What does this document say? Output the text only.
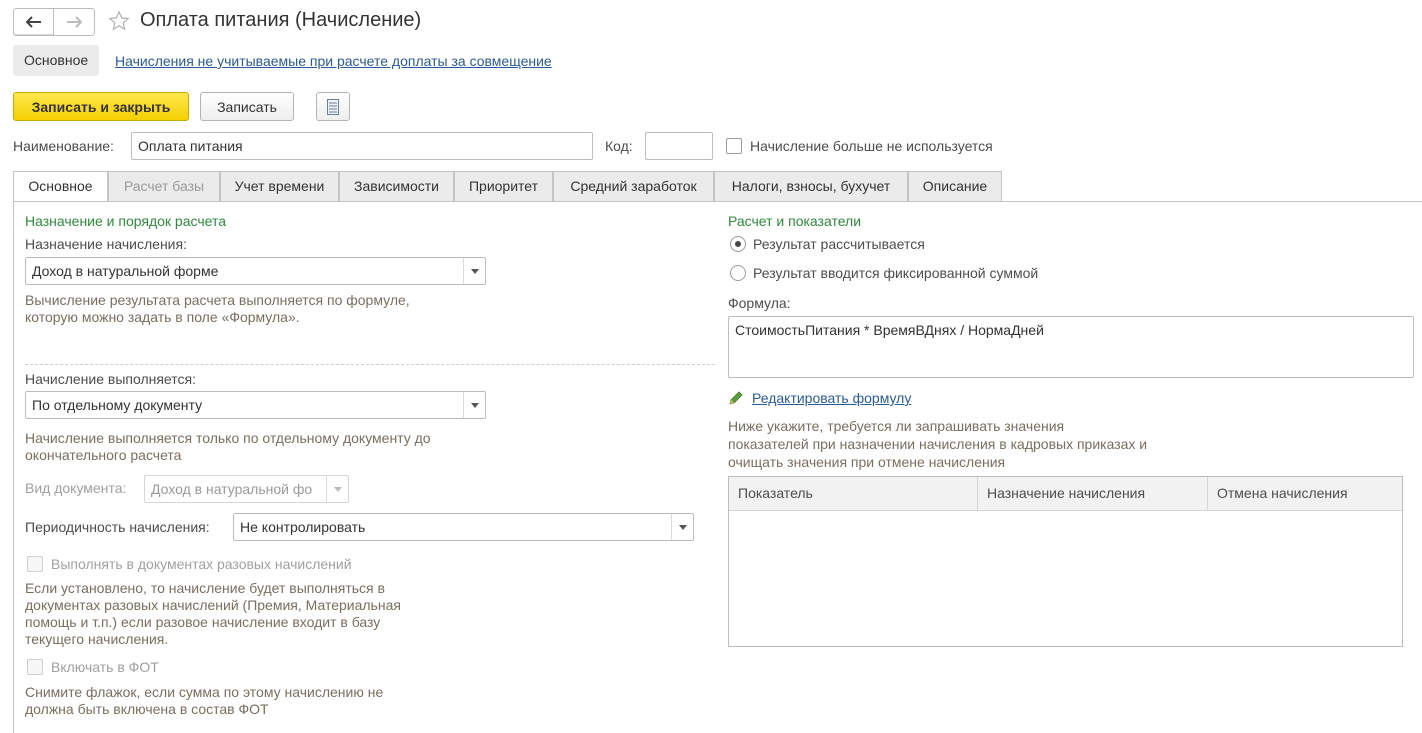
Оплата питания (Начисление)
Основное	Начисления не учитываемые при расчете доплаты за совмещение
Записать и закрыть	Записать
Наименование:	Оплата питания	Код:	Начисление больше не используется
Основное	Расчет базы	Учет времени	Зависимости	Приоритет	Средний заработок	Налоги, взносы, бухучет	Описание
Назначение и порядок расчета
Назначение начисления:
Доход в натуральной форме
Вычисление результата расчета выполняется по формуле,
которую можно задать в поле «Формула».
Начисление выполняется:
По отдельному документу
Начисление выполняется только по отдельному документу до
окончательного расчета
Вид документа:	Доход в натуральной фо
Периодичность начисления:	Не контролировать
Выполнять в документах разовых начислений
Если установлено, то начисление будет выполняться в
документах разовых начислений (Премия, Материальная
помощь и т.п.) если разовое начисление входит в базу
текущего начисления.
Включать в ФОТ
Снимите флажок, если сумма по этому начислению не
должна быть включена в состав ФОТ
Расчет и показатели
Результат рассчитывается
Результат вводится фиксированной суммой
Формула:
СтоимостьПитания * ВремяВДнях / НормаДней
Редактировать формулу
Ниже укажите, требуется ли запрашивать значения
показателей при назначении начисления в кадровых приказах и
очищать значения при отмене начисления
Показатель	Назначение начисления	Отмена начисления
